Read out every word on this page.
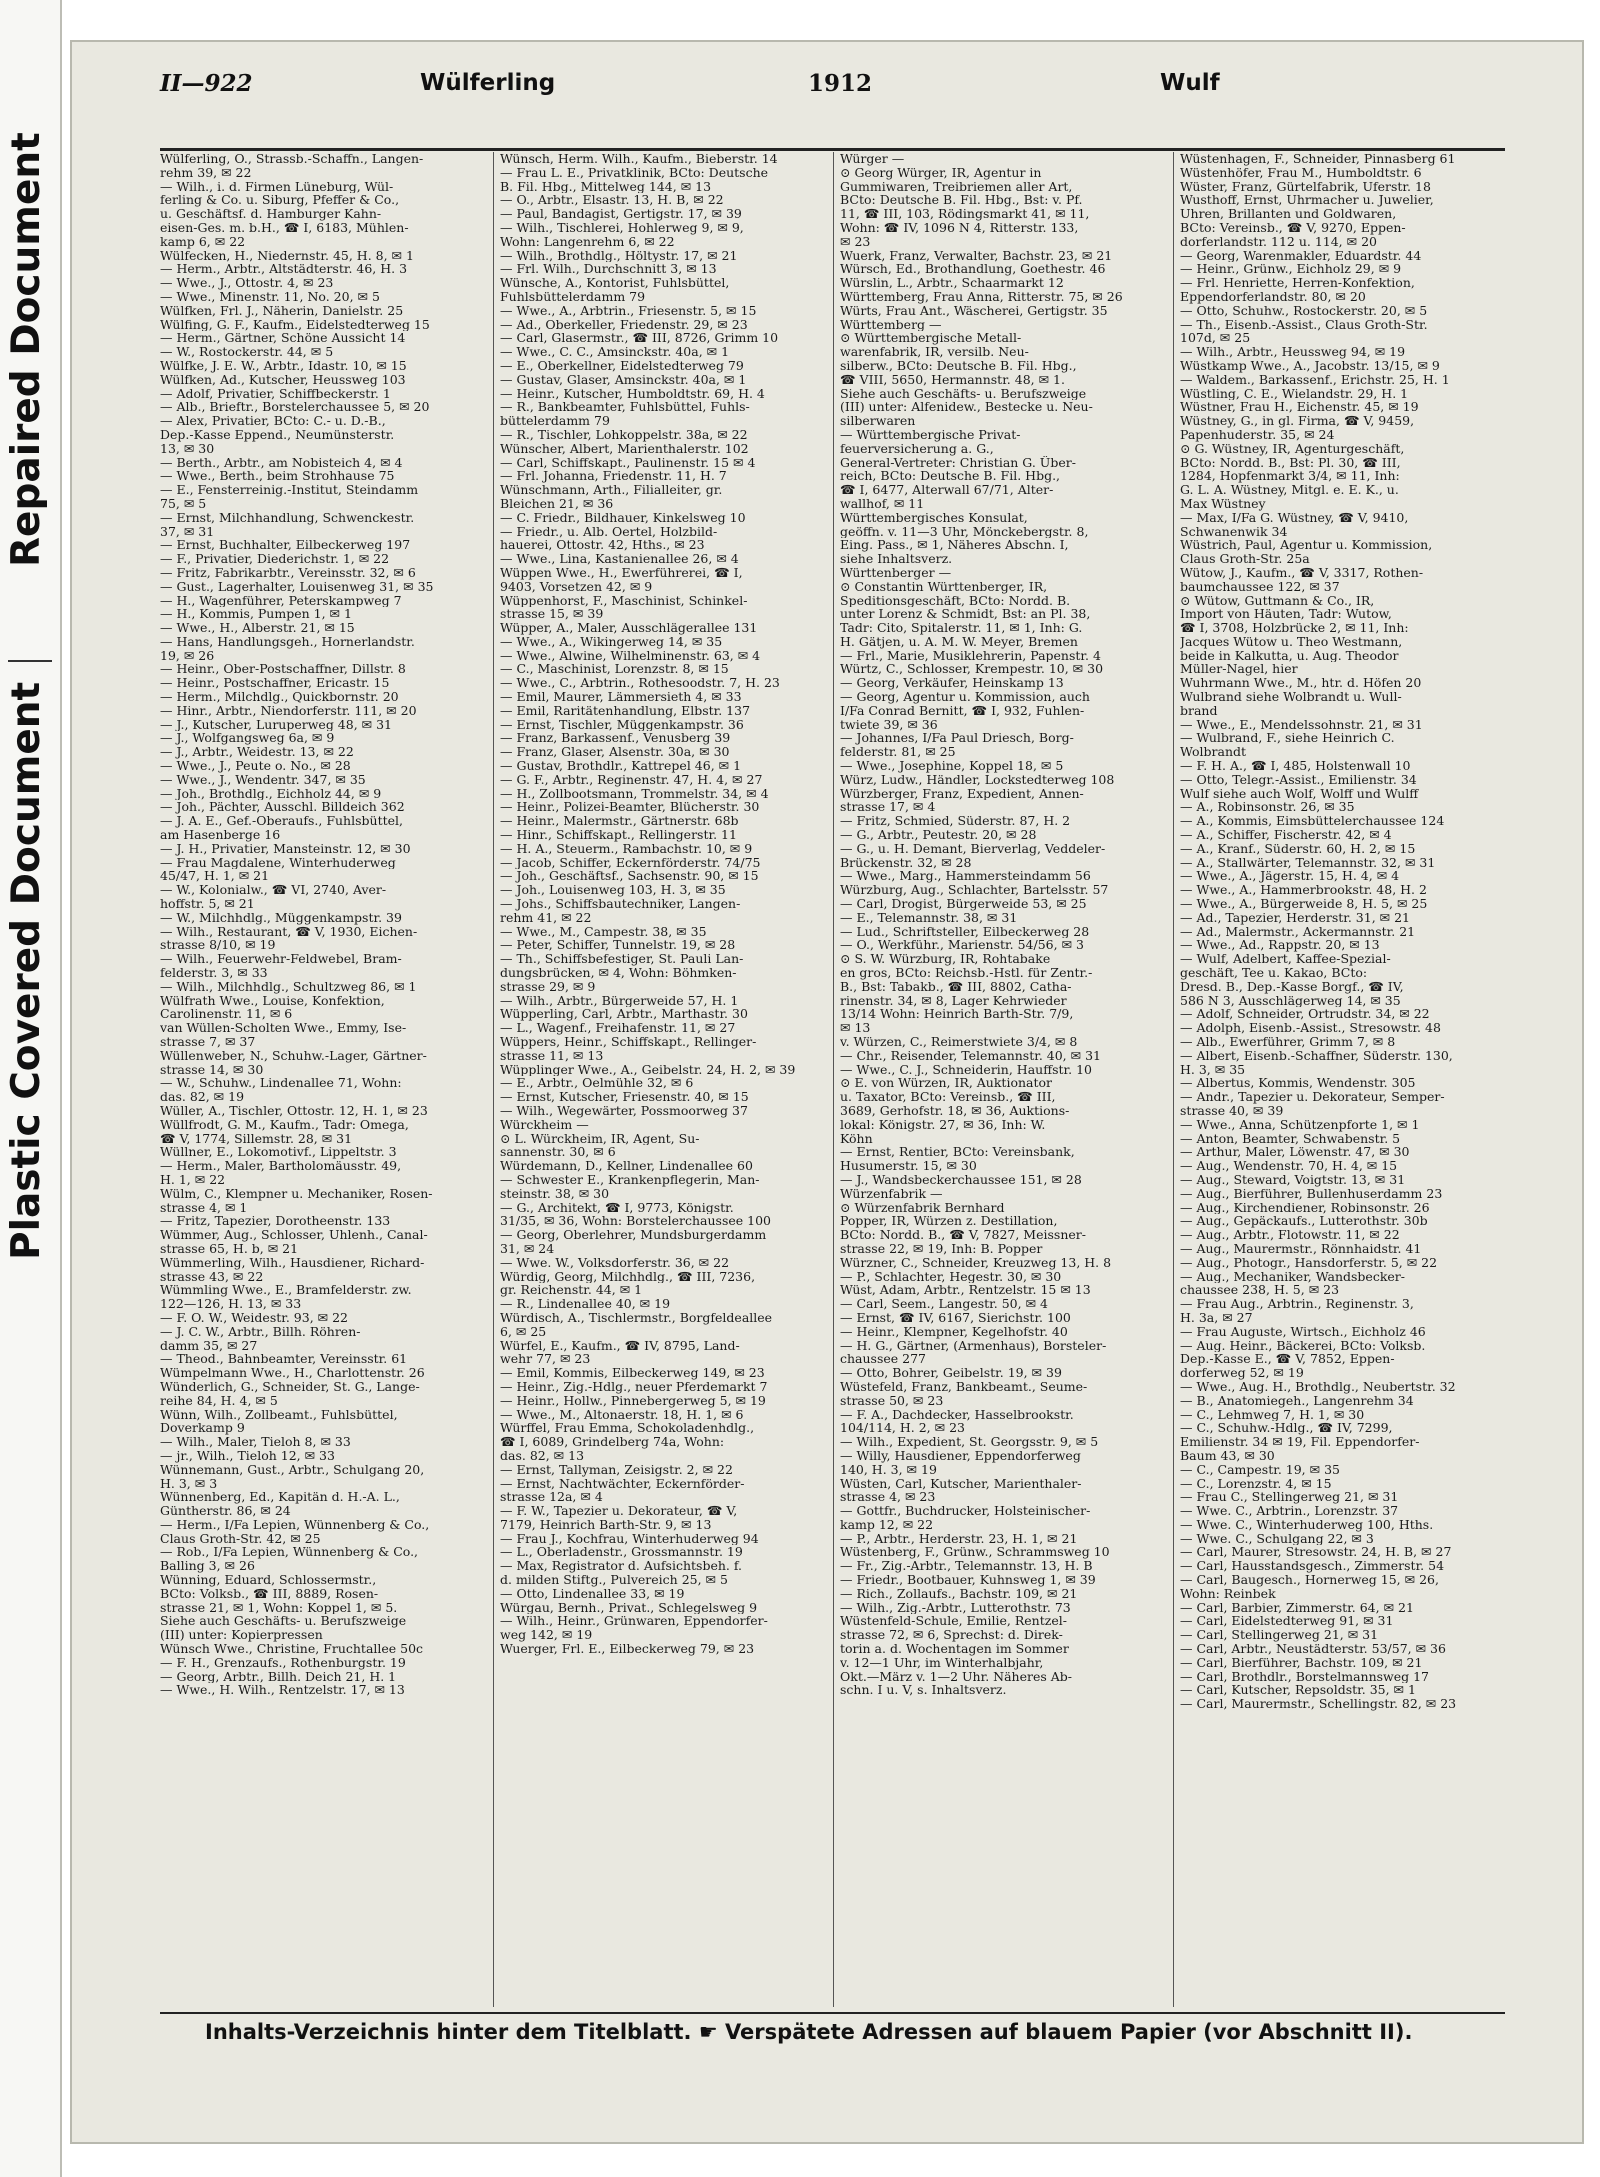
Repaired Document
Plastic Covered Document
II—922	Wülferling	1912	Wulf
Wülferling, O., Strassb.-Schaffn., Langen-
rehm 39, ✉ 22
— Wilh., i. d. Firmen Lüneburg, Wül-
ferling & Co. u. Siburg, Pfeffer & Co.,
u. Geschäftsf. d. Hamburger Kahn-
eisen-Ges. m. b.H., ☎ I, 6183, Mühlen-
kamp 6, ✉ 22
Wülfecken, H., Niedernstr. 45, H. 8, ✉ 1
— Herm., Arbtr., Altstädterstr. 46, H. 3
— Wwe., J., Ottostr. 4, ✉ 23
— Wwe., Minenstr. 11, No. 20, ✉ 5
Wülfken, Frl. J., Näherin, Danielstr. 25
Wülfing, G. F., Kaufm., Eidelstedterweg 15
— Herm., Gärtner, Schöne Aussicht 14
— W., Rostockerstr. 44, ✉ 5
Wülfke, J. E. W., Arbtr., Idastr. 10, ✉ 15
Wülfken, Ad., Kutscher, Heussweg 103
— Adolf, Privatier, Schiffbeckerstr. 1
— Alb., Brieftr., Borstelerchaussee 5, ✉ 20
— Alex, Privatier, BCto: C.- u. D.-B.,
Dep.-Kasse Eppend., Neumünsterstr.
13, ✉ 30
— Berth., Arbtr., am Nobisteich 4, ✉ 4
— Wwe., Berth., beim Strohhause 75
— E., Fensterreinig.-Institut, Steindamm
75, ✉ 5
— Ernst, Milchhandlung, Schwenckestr.
37, ✉ 31
— Ernst, Buchhalter, Eilbeckerweg 197
— F., Privatier, Diederichstr. 1, ✉ 22
— Fritz, Fabrikarbtr., Vereinsstr. 32, ✉ 6
— Gust., Lagerhalter, Louisenweg 31, ✉ 35
— H., Wagenführer, Peterskampweg 7
— H., Kommis, Pumpen 1, ✉ 1
— Wwe., H., Alberstr. 21, ✉ 15
— Hans, Handlungsgeh., Hornerlandstr.
19, ✉ 26
— Heinr., Ober-Postschaffner, Dillstr. 8
— Heinr., Postschaffner, Ericastr. 15
— Herm., Milchdlg., Quickbornstr. 20
— Hinr., Arbtr., Niendorferstr. 111, ✉ 20
— J., Kutscher, Luruperweg 48, ✉ 31
— J., Wolfgangsweg 6a, ✉ 9
— J., Arbtr., Weidestr. 13, ✉ 22
— Wwe., J., Peute o. No., ✉ 28
— Wwe., J., Wendentr. 347, ✉ 35
— Joh., Brothdlg., Eichholz 44, ✉ 9
— Joh., Pächter, Ausschl. Billdeich 362
— J. A. E., Gef.-Oberaufs., Fuhlsbüttel,
am Hasenberge 16
— J. H., Privatier, Mansteinstr. 12, ✉ 30
— Frau Magdalene, Winterhuderweg
45/47, H. 1, ✉ 21
— W., Kolonialw., ☎ VI, 2740, Aver-
hoffstr. 5, ✉ 21
— W., Milchhdlg., Müggenkampstr. 39
— Wilh., Restaurant, ☎ V, 1930, Eichen-
strasse 8/10, ✉ 19
— Wilh., Feuerwehr-Feldwebel, Bram-
felderstr. 3, ✉ 33
— Wilh., Milchhdlg., Schultzweg 86, ✉ 1
Wülfrath Wwe., Louise, Konfektion,
Carolinenstr. 11, ✉ 6
van Wüllen-Scholten Wwe., Emmy, Ise-
strasse 7, ✉ 37
Wüllenweber, N., Schuhw.-Lager, Gärtner-
strasse 14, ✉ 30
— W., Schuhw., Lindenallee 71, Wohn:
das. 82, ✉ 19
Wüller, A., Tischler, Ottostr. 12, H. 1, ✉ 23
Wüllfrodt, G. M., Kaufm., Tadr: Omega,
☎ V, 1774, Sillemstr. 28, ✉ 31
Wüllner, E., Lokomotivf., Lippeltstr. 3
— Herm., Maler, Bartholomäusstr. 49,
H. 1, ✉ 22
Wülm, C., Klempner u. Mechaniker, Rosen-
strasse 4, ✉ 1
— Fritz, Tapezier, Dorotheenstr. 133
Wümmer, Aug., Schlosser, Uhlenh., Canal-
strasse 65, H. b, ✉ 21
Wümmerling, Wilh., Hausdiener, Richard-
strasse 43, ✉ 22
Wümmling Wwe., E., Bramfelderstr. zw.
122—126, H. 13, ✉ 33
— F. O. W., Weidestr. 93, ✉ 22
— J. C. W., Arbtr., Billh. Röhren-
damm 35, ✉ 27
— Theod., Bahnbeamter, Vereinsstr. 61
Wümpelmann Wwe., H., Charlottenstr. 26
Wünderlich, G., Schneider, St. G., Lange-
reihe 84, H. 4, ✉ 5
Wünn, Wilh., Zollbeamt., Fuhlsbüttel,
Doverkamp 9
— Wilh., Maler, Tieloh 8, ✉ 33
— jr., Wilh., Tieloh 12, ✉ 33
Wünnemann, Gust., Arbtr., Schulgang 20,
H. 3, ✉ 3
Wünnenberg, Ed., Kapitän d. H.-A. L.,
Güntherstr. 86, ✉ 24
— Herm., I/Fa Lepien, Wünnenberg & Co.,
Claus Groth-Str. 42, ✉ 25
— Rob., I/Fa Lepien, Wünnenberg & Co.,
Balling 3, ✉ 26
Wünning, Eduard, Schlossermstr.,
BCto: Volksb., ☎ III, 8889, Rosen-
strasse 21, ✉ 1, Wohn: Koppel 1, ✉ 5.
Siehe auch Geschäfts- u. Berufszweige
(III) unter: Kopierpressen
Wünsch Wwe., Christine, Fruchtallee 50c
— F. H., Grenzaufs., Rothenburgstr. 19
— Georg, Arbtr., Billh. Deich 21, H. 1
— Wwe., H. Wilh., Rentzelstr. 17, ✉ 13
Wünsch, Herm. Wilh., Kaufm., Bieberstr. 14
— Frau L. E., Privatklinik, BCto: Deutsche
B. Fil. Hbg., Mittelweg 144, ✉ 13
— O., Arbtr., Elsastr. 13, H. B, ✉ 22
— Paul, Bandagist, Gertigstr. 17, ✉ 39
— Wilh., Tischlerei, Hohlerweg 9, ✉ 9,
Wohn: Langenrehm 6, ✉ 22
— Wilh., Brothdlg., Höltystr. 17, ✉ 21
— Frl. Wilh., Durchschnitt 3, ✉ 13
Wünsche, A., Kontorist, Fuhlsbüttel,
Fuhlsbüttelerdamm 79
— Wwe., A., Arbtrin., Friesenstr. 5, ✉ 15
— Ad., Oberkeller, Friedenstr. 29, ✉ 23
— Carl, Glasermstr., ☎ III, 8726, Grimm 10
— Wwe., C. C., Amsinckstr. 40a, ✉ 1
— E., Oberkellner, Eidelstedterweg 79
— Gustav, Glaser, Amsinckstr. 40a, ✉ 1
— Heinr., Kutscher, Humboldtstr. 69, H. 4
— R., Bankbeamter, Fuhlsbüttel, Fuhls-
büttelerdamm 79
— R., Tischler, Lohkoppelstr. 38a, ✉ 22
Wünscher, Albert, Marienthalerstr. 102
— Carl, Schiffskapt., Paulinenstr. 15 ✉ 4
— Frl. Johanna, Friedenstr. 11, H. 7
Wünschmann, Arth., Filialleiter, gr.
Bleichen 21, ✉ 36
— C. Friedr., Bildhauer, Kinkelsweg 10
— Friedr., u. Alb. Oertel, Holzbild-
hauerei, Ottostr. 42, Hths., ✉ 23
— Wwe., Lina, Kastanienallee 26, ✉ 4
Wüppen Wwe., H., Ewerführerei, ☎ I,
9403, Vorsetzen 42, ✉ 9
Wüppenhorst, F., Maschinist, Schinkel-
strasse 15, ✉ 39
Wüpper, A., Maler, Ausschlägerallee 131
— Wwe., A., Wikingerweg 14, ✉ 35
— Wwe., Alwine, Wilhelminenstr. 63, ✉ 4
— C., Maschinist, Lorenzstr. 8, ✉ 15
— Wwe., C., Arbtrin., Rothesoodstr. 7, H. 23
— Emil, Maurer, Lämmersieth 4, ✉ 33
— Emil, Raritätenhandlung, Elbstr. 137
— Ernst, Tischler, Müggenkampstr. 36
— Franz, Barkassenf., Venusberg 39
— Franz, Glaser, Alsenstr. 30a, ✉ 30
— Gustav, Brothdlr., Kattrepel 46, ✉ 1
— G. F., Arbtr., Reginenstr. 47, H. 4, ✉ 27
— H., Zollbootsmann, Trommelstr. 34, ✉ 4
— Heinr., Polizei-Beamter, Blücherstr. 30
— Heinr., Malermstr., Gärtnerstr. 68b
— Hinr., Schiffskapt., Rellingerstr. 11
— H. A., Steuerm., Rambachstr. 10, ✉ 9
— Jacob, Schiffer, Eckernförderstr. 74/75
— Joh., Geschäftsf., Sachsenstr. 90, ✉ 15
— Joh., Louisenweg 103, H. 3, ✉ 35
— Johs., Schiffsbautechniker, Langen-
rehm 41, ✉ 22
— Wwe., M., Campestr. 38, ✉ 35
— Peter, Schiffer, Tunnelstr. 19, ✉ 28
— Th., Schiffsbefestiger, St. Pauli Lan-
dungsbrücken, ✉ 4, Wohn: Böhmken-
strasse 29, ✉ 9
— Wilh., Arbtr., Bürgerweide 57, H. 1
Wüpperling, Carl, Arbtr., Marthastr. 30
— L., Wagenf., Freihafenstr. 11, ✉ 27
Wüppers, Heinr., Schiffskapt., Rellinger-
strasse 11, ✉ 13
Wüpplinger Wwe., A., Geibelstr. 24, H. 2, ✉ 39
— E., Arbtr., Oelmühle 32, ✉ 6
— Ernst, Kutscher, Friesenstr. 40, ✉ 15
— Wilh., Wegewärter, Possmoorweg 37
Würckheim —
⊙ L. Würckheim, IR, Agent, Su-
sannenstr. 30, ✉ 6
Würdemann, D., Kellner, Lindenallee 60
— Schwester E., Krankenpflegerin, Man-
steinstr. 38, ✉ 30
— G., Architekt, ☎ I, 9773, Königstr.
31/35, ✉ 36, Wohn: Borstelerchaussee 100
— Georg, Oberlehrer, Mundsburgerdamm
31, ✉ 24
— Wwe. W., Volksdorferstr. 36, ✉ 22
Würdig, Georg, Milchhdlg., ☎ III, 7236,
gr. Reichenstr. 44, ✉ 1
— R., Lindenallee 40, ✉ 19
Würdisch, A., Tischlermstr., Borgfeldeallee
6, ✉ 25
Würfel, E., Kaufm., ☎ IV, 8795, Land-
wehr 77, ✉ 23
— Emil, Kommis, Eilbeckerweg 149, ✉ 23
— Heinr., Zig.-Hdlg., neuer Pferdemarkt 7
— Heinr., Hollw., Pinnebergerweg 5, ✉ 19
— Wwe., M., Altonaerstr. 18, H. 1, ✉ 6
Würffel, Frau Emma, Schokoladenhdlg.,
☎ I, 6089, Grindelberg 74a, Wohn:
das. 82, ✉ 13
— Ernst, Tallyman, Zeisigstr. 2, ✉ 22
— Ernst, Nachtwächter, Eckernförder-
strasse 12a, ✉ 4
— F. W., Tapezier u. Dekorateur, ☎ V,
7179, Heinrich Barth-Str. 9, ✉ 13
— Frau J., Kochfrau, Winterhuderweg 94
— L., Oberladenstr., Grossmannstr. 19
— Max, Registrator d. Aufsichtsbeh. f.
d. milden Stiftg., Pulvereich 25, ✉ 5
— Otto, Lindenallee 33, ✉ 19
Würgau, Bernh., Privat., Schlegelsweg 9
— Wilh., Heinr., Grünwaren, Eppendorfer-
weg 142, ✉ 19
Wuerger, Frl. E., Eilbeckerweg 79, ✉ 23
Würger —
⊙ Georg Würger, IR, Agentur in
Gummiwaren, Treibriemen aller Art,
BCto: Deutsche B. Fil. Hbg., Bst: v. Pf.
11, ☎ III, 103, Rödingsmarkt 41, ✉ 11,
Wohn: ☎ IV, 1096 N 4, Ritterstr. 133,
✉ 23
Wuerk, Franz, Verwalter, Bachstr. 23, ✉ 21
Würsch, Ed., Brothandlung, Goethestr. 46
Würslin, L., Arbtr., Schaarmarkt 12
Württemberg, Frau Anna, Ritterstr. 75, ✉ 26
Würts, Frau Ant., Wäscherei, Gertigstr. 35
Württemberg —
⊙ Württembergische Metall-
warenfabrik, IR, versilb. Neu-
silberw., BCto: Deutsche B. Fil. Hbg.,
☎ VIII, 5650, Hermannstr. 48, ✉ 1.
Siehe auch Geschäfts- u. Berufszweige
(III) unter: Alfenidew., Bestecke u. Neu-
silberwaren
— Württembergische Privat-
feuerversicherung a. G.,
General-Vertreter: Christian G. Über-
reich, BCto: Deutsche B. Fil. Hbg.,
☎ I, 6477, Alterwall 67/71, Alter-
wallhof, ✉ 11
Württembergisches Konsulat,
geöffn. v. 11—3 Uhr, Mönckebergstr. 8,
Eing. Pass., ✉ 1, Näheres Abschn. I,
siehe Inhaltsverz.
Württenberger —
⊙ Constantin Württenberger, IR,
Speditionsgeschäft, BCto: Nordd. B.
unter Lorenz & Schmidt, Bst: an Pl. 38,
Tadr: Cito, Spitalerstr. 11, ✉ 1, Inh: G.
H. Gätjen, u. A. M. W. Meyer, Bremen
— Frl., Marie, Musiklehrerin, Papenstr. 4
Würtz, C., Schlosser, Krempestr. 10, ✉ 30
— Georg, Verkäufer, Heinskamp 13
— Georg, Agentur u. Kommission, auch
I/Fa Conrad Bernitt, ☎ I, 932, Fuhlen-
twiete 39, ✉ 36
— Johannes, I/Fa Paul Driesch, Borg-
felderstr. 81, ✉ 25
— Wwe., Josephine, Koppel 18, ✉ 5
Würz, Ludw., Händler, Lockstedterweg 108
Würzberger, Franz, Expedient, Annen-
strasse 17, ✉ 4
— Fritz, Schmied, Süderstr. 87, H. 2
— G., Arbtr., Peutestr. 20, ✉ 28
— G., u. H. Demant, Bierverlag, Veddeler-
Brückenstr. 32, ✉ 28
— Wwe., Marg., Hammersteindamm 56
Würzburg, Aug., Schlachter, Bartelsstr. 57
— Carl, Drogist, Bürgerweide 53, ✉ 25
— E., Telemannstr. 38, ✉ 31
— Lud., Schriftsteller, Eilbeckerweg 28
— O., Werkführ., Marienstr. 54/56, ✉ 3
⊙ S. W. Würzburg, IR, Rohtabake
en gros, BCto: Reichsb.-Hstl. für Zentr.-
B., Bst: Tabakb., ☎ III, 8802, Catha-
rinenstr. 34, ✉ 8, Lager Kehrwieder
13/14 Wohn: Heinrich Barth-Str. 7/9,
✉ 13
v. Würzen, C., Reimerstwiete 3/4, ✉ 8
— Chr., Reisender, Telemannstr. 40, ✉ 31
— Wwe., C. J., Schneiderin, Hauffstr. 10
⊙ E. von Würzen, IR, Auktionator
u. Taxator, BCto: Vereinsb., ☎ III,
3689, Gerhofstr. 18, ✉ 36, Auktions-
lokal: Königstr. 27, ✉ 36, Inh: W.
Köhn
— Ernst, Rentier, BCto: Vereinsbank,
Husumerstr. 15, ✉ 30
— J., Wandsbeckerchaussee 151, ✉ 28
Würzenfabrik —
⊙ Würzenfabrik Bernhard
Popper, IR, Würzen z. Destillation,
BCto: Nordd. B., ☎ V, 7827, Meissner-
strasse 22, ✉ 19, Inh: B. Popper
Würzner, C., Schneider, Kreuzweg 13, H. 8
— P., Schlachter, Hegestr. 30, ✉ 30
Wüst, Adam, Arbtr., Rentzelstr. 15 ✉ 13
— Carl, Seem., Langestr. 50, ✉ 4
— Ernst, ☎ IV, 6167, Sierichstr. 100
— Heinr., Klempner, Kegelhofstr. 40
— H. G., Gärtner, (Armenhaus), Borsteler-
chaussee 277
— Otto, Bohrer, Geibelstr. 19, ✉ 39
Wüstefeld, Franz, Bankbeamt., Seume-
strasse 50, ✉ 23
— F. A., Dachdecker, Hasselbrookstr.
104/114, H. 2, ✉ 23
— Wilh., Expedient, St. Georgsstr. 9, ✉ 5
— Willy, Hausdiener, Eppendorferweg
140, H. 3, ✉ 19
Wüsten, Carl, Kutscher, Marienthaler-
strasse 4, ✉ 23
— Gottfr., Buchdrucker, Holsteinischer-
kamp 12, ✉ 22
— P., Arbtr., Herderstr. 23, H. 1, ✉ 21
Wüstenberg, F., Grünw., Schrammsweg 10
— Fr., Zig.-Arbtr., Telemannstr. 13, H. B
— Friedr., Bootbauer, Kuhnsweg 1, ✉ 39
— Rich., Zollaufs., Bachstr. 109, ✉ 21
— Wilh., Zig.-Arbtr., Lutterothstr. 73
Wüstenfeld-Schule, Emilie, Rentzel-
strasse 72, ✉ 6, Sprechst: d. Direk-
torin a. d. Wochentagen im Sommer
v. 12—1 Uhr, im Winterhalbjahr,
Okt.—März v. 1—2 Uhr. Näheres Ab-
schn. I u. V, s. Inhaltsverz.
Wüstenhagen, F., Schneider, Pinnasberg 61
Wüstenhöfer, Frau M., Humboldtstr. 6
Wüster, Franz, Gürtelfabrik, Uferstr. 18
Wusthoff, Ernst, Uhrmacher u. Juwelier,
Uhren, Brillanten und Goldwaren,
BCto: Vereinsb., ☎ V, 9270, Eppen-
dorferlandstr. 112 u. 114, ✉ 20
— Georg, Warenmakler, Eduardstr. 44
— Heinr., Grünw., Eichholz 29, ✉ 9
— Frl. Henriette, Herren-Konfektion,
Eppendorferlandstr. 80, ✉ 20
— Otto, Schuhw., Rostockerstr. 20, ✉ 5
— Th., Eisenb.-Assist., Claus Groth-Str.
107d, ✉ 25
— Wilh., Arbtr., Heussweg 94, ✉ 19
Wüstkamp Wwe., A., Jacobstr. 13/15, ✉ 9
— Waldem., Barkassenf., Erichstr. 25, H. 1
Wüstling, C. E., Wielandstr. 29, H. 1
Wüstner, Frau H., Eichenstr. 45, ✉ 19
Wüstney, G., in gl. Firma, ☎ V, 9459,
Papenhuderstr. 35, ✉ 24
⊙ G. Wüstney, IR, Agenturgeschäft,
BCto: Nordd. B., Bst: Pl. 30, ☎ III,
1284, Hopfenmarkt 3/4, ✉ 11, Inh:
G. L. A. Wüstney, Mitgl. e. E. K., u.
Max Wüstney
— Max, I/Fa G. Wüstney, ☎ V, 9410,
Schwanenwik 34
Wüstrich, Paul, Agentur u. Kommission,
Claus Groth-Str. 25a
Wütow, J., Kaufm., ☎ V, 3317, Rothen-
baumchaussee 122, ✉ 37
⊙ Wütow, Guttmann & Co., IR,
Import von Häuten, Tadr: Wutow,
☎ I, 3708, Holzbrücke 2, ✉ 11, Inh:
Jacques Wütow u. Theo Westmann,
beide in Kalkutta, u. Aug. Theodor
Müller-Nagel, hier
Wuhrmann Wwe., M., htr. d. Höfen 20
Wulbrand siehe Wolbrandt u. Wull-
brand
— Wwe., E., Mendelssohnstr. 21, ✉ 31
— Wulbrand, F., siehe Heinrich C.
Wolbrandt
— F. H. A., ☎ I, 485, Holstenwall 10
— Otto, Telegr.-Assist., Emilienstr. 34
Wulf siehe auch Wolf, Wolff und Wulff
— A., Robinsonstr. 26, ✉ 35
— A., Kommis, Eimsbüttelerchaussee 124
— A., Schiffer, Fischerstr. 42, ✉ 4
— A., Kranf., Süderstr. 60, H. 2, ✉ 15
— A., Stallwärter, Telemannstr. 32, ✉ 31
— Wwe., A., Jägerstr. 15, H. 4, ✉ 4
— Wwe., A., Hammerbrookstr. 48, H. 2
— Wwe., A., Bürgerweide 8, H. 5, ✉ 25
— Ad., Tapezier, Herderstr. 31, ✉ 21
— Ad., Malermstr., Ackermannstr. 21
— Wwe., Ad., Rappstr. 20, ✉ 13
— Wulf, Adelbert, Kaffee-Spezial-
geschäft, Tee u. Kakao, BCto:
Dresd. B., Dep.-Kasse Borgf., ☎ IV,
586 N 3, Ausschlägerweg 14, ✉ 35
— Adolf, Schneider, Ortrudstr. 34, ✉ 22
— Adolph, Eisenb.-Assist., Stresowstr. 48
— Alb., Ewerführer, Grimm 7, ✉ 8
— Albert, Eisenb.-Schaffner, Süderstr. 130,
H. 3, ✉ 35
— Albertus, Kommis, Wendenstr. 305
— Andr., Tapezier u. Dekorateur, Semper-
strasse 40, ✉ 39
— Wwe., Anna, Schützenpforte 1, ✉ 1
— Anton, Beamter, Schwabenstr. 5
— Arthur, Maler, Löwenstr. 47, ✉ 30
— Aug., Wendenstr. 70, H. 4, ✉ 15
— Aug., Steward, Voigtstr. 13, ✉ 31
— Aug., Bierführer, Bullenhuserdamm 23
— Aug., Kirchendiener, Robinsonstr. 26
— Aug., Gepäckaufs., Lutterothstr. 30b
— Aug., Arbtr., Flotowstr. 11, ✉ 22
— Aug., Maurermstr., Rönnhaidstr. 41
— Aug., Photogr., Hansdorferstr. 5, ✉ 22
— Aug., Mechaniker, Wandsbecker-
chaussee 238, H. 5, ✉ 23
— Frau Aug., Arbtrin., Reginenstr. 3,
H. 3a, ✉ 27
— Frau Auguste, Wirtsch., Eichholz 46
— Aug. Heinr., Bäckerei, BCto: Volksb.
Dep.-Kasse E., ☎ V, 7852, Eppen-
dorferweg 52, ✉ 19
— Wwe., Aug. H., Brothdlg., Neubertstr. 32
— B., Anatomiegeh., Langenrehm 34
— C., Lehmweg 7, H. 1, ✉ 30
— C., Schuhw.-Hdlg., ☎ IV, 7299,
Emilienstr. 34 ✉ 19, Fil. Eppendorfer-
Baum 43, ✉ 30
— C., Campestr. 19, ✉ 35
— C., Lorenzstr. 4, ✉ 15
— Frau C., Stellingerweg 21, ✉ 31
— Wwe. C., Arbtrin., Lorenzstr. 37
— Wwe. C., Winterhuderweg 100, Hths.
— Wwe. C., Schulgang 22, ✉ 3
— Carl, Maurer, Stresowstr. 24, H. B, ✉ 27
— Carl, Hausstandsgesch., Zimmerstr. 54
— Carl, Baugesch., Hornerweg 15, ✉ 26,
Wohn: Reinbek
— Carl, Barbier, Zimmerstr. 64, ✉ 21
— Carl, Eidelstedterweg 91, ✉ 31
— Carl, Stellingerweg 21, ✉ 31
— Carl, Arbtr., Neustädterstr. 53/57, ✉ 36
— Carl, Bierführer, Bachstr. 109, ✉ 21
— Carl, Brothdlr., Borstelmannsweg 17
— Carl, Kutscher, Repsoldstr. 35, ✉ 1
— Carl, Maurermstr., Schellingstr. 82, ✉ 23
Inhalts-Verzeichnis hinter dem Titelblatt. ☛ Verspätete Adressen auf blauem Papier (vor Abschnitt II).
